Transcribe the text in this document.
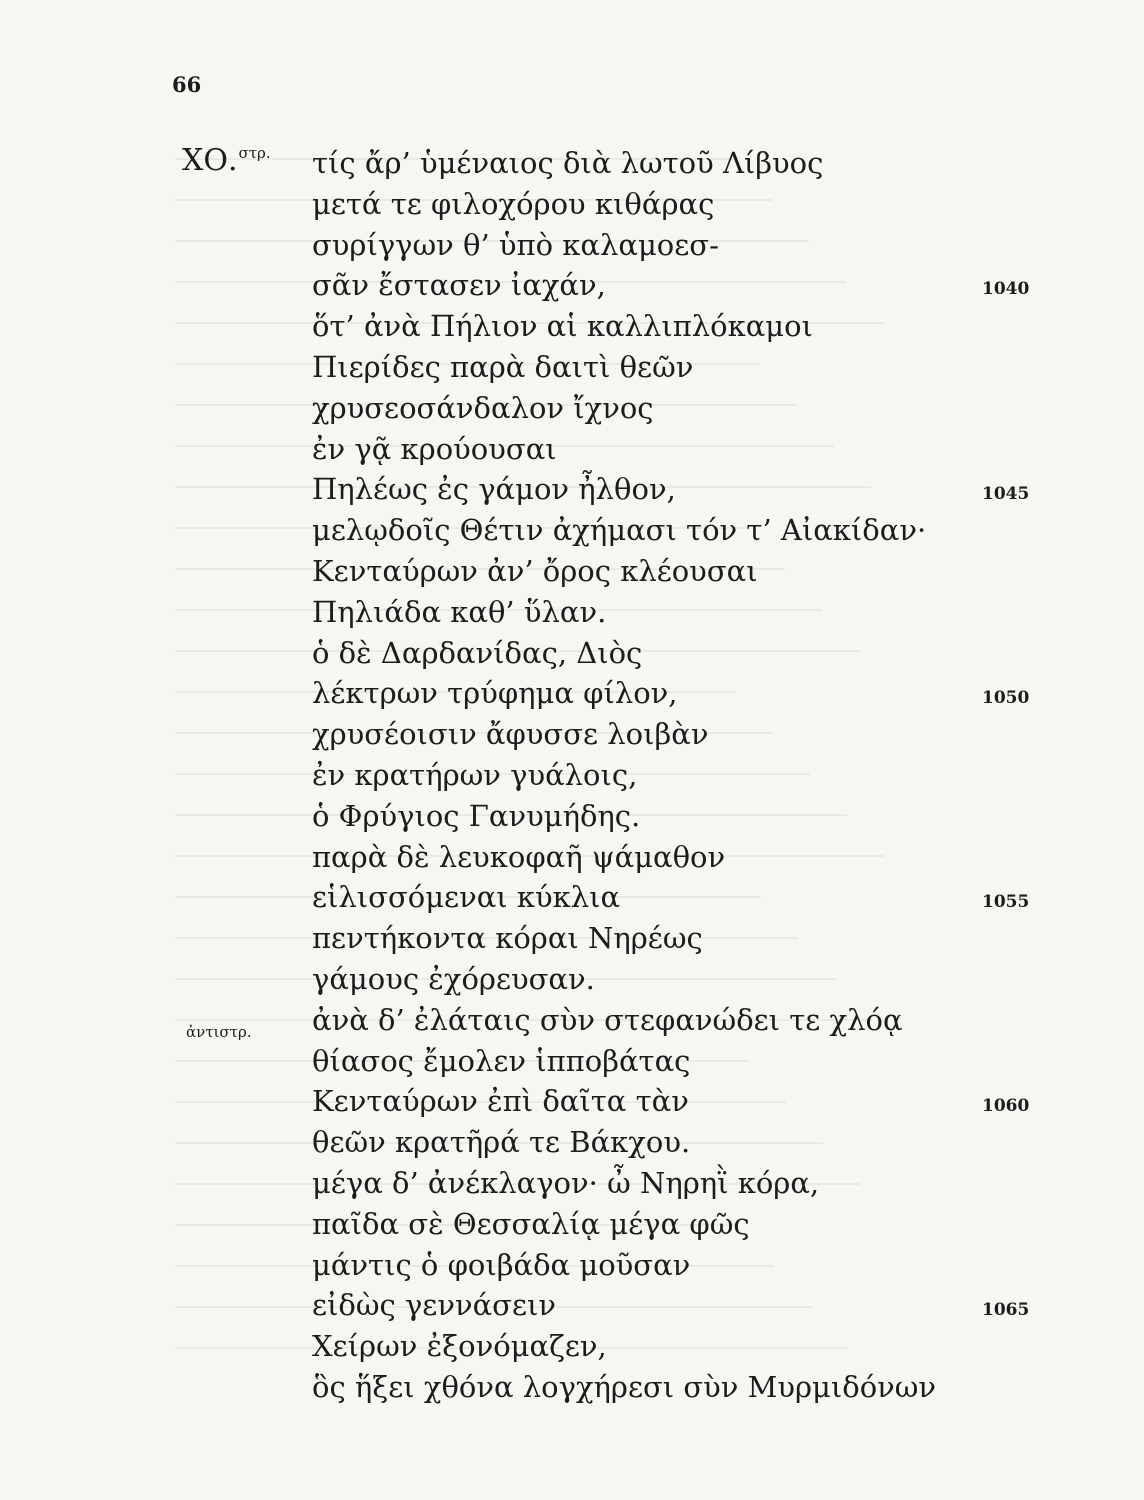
66
ΧΟ.$^{\sigma\tau\rho.}$
ἀντιστρ.
τίς ἄρ’ ὑμέναιος διὰ λωτοῦ Λίβυος
μετά τε φιλοχόρου κιθάρας
συρίγγων θ’ ὑπὸ καλαμοεσ-
σᾶν ἔστασεν ἰαχάν,
ὅτ’ ἀνὰ Πήλιον αἱ καλλιπλόκαμοι
Πιερίδες παρὰ δαιτὶ θεῶν
χρυσεοσάνδαλον ἴχνος
ἐν γᾷ κρούουσαι
Πηλέως ἐς γάμον ἦλθον,
μελῳδοῖς Θέτιν ἀχήμασι τόν τ’ Αἰακίδαν·
Κενταύρων ἀν’ ὄρος κλέουσαι
Πηλιάδα καθ’ ὕλαν.
ὁ δὲ Δαρδανίδας, Διὸς
λέκτρων τρύφημα φίλον,
χρυσέοισιν ἄφυσσε λοιβὰν
ἐν κρατήρων γυάλοις,
ὁ Φρύγιος Γανυμήδης.
παρὰ δὲ λευκοφαῆ ψάμαθον
εἱλισσόμεναι κύκλια
πεντήκοντα κόραι Νηρέως
γάμους ἐχόρευσαν.
ἀνὰ δ’ ἐλάταις σὺν στεφανώδει τε χλόᾳ
θίασος ἔμολεν ἱπποβάτας
Κενταύρων ἐπὶ δαῖτα τὰν
θεῶν κρατῆρά τε Βάκχου.
μέγα δ’ ἀνέκλαγον· ὦ Νηρηῒ κόρα,
παῖδα σὲ Θεσσαλίᾳ μέγα φῶς
μάντις ὁ φοιβάδα μοῦσαν
εἰδὼς γεννάσειν
Χείρων ἐξονόμαζεν,
ὃς ἥξει χθόνα λογχήρεσι σὺν Μυρμιδόνων
1040
1045
1050
1055
1060
1065
